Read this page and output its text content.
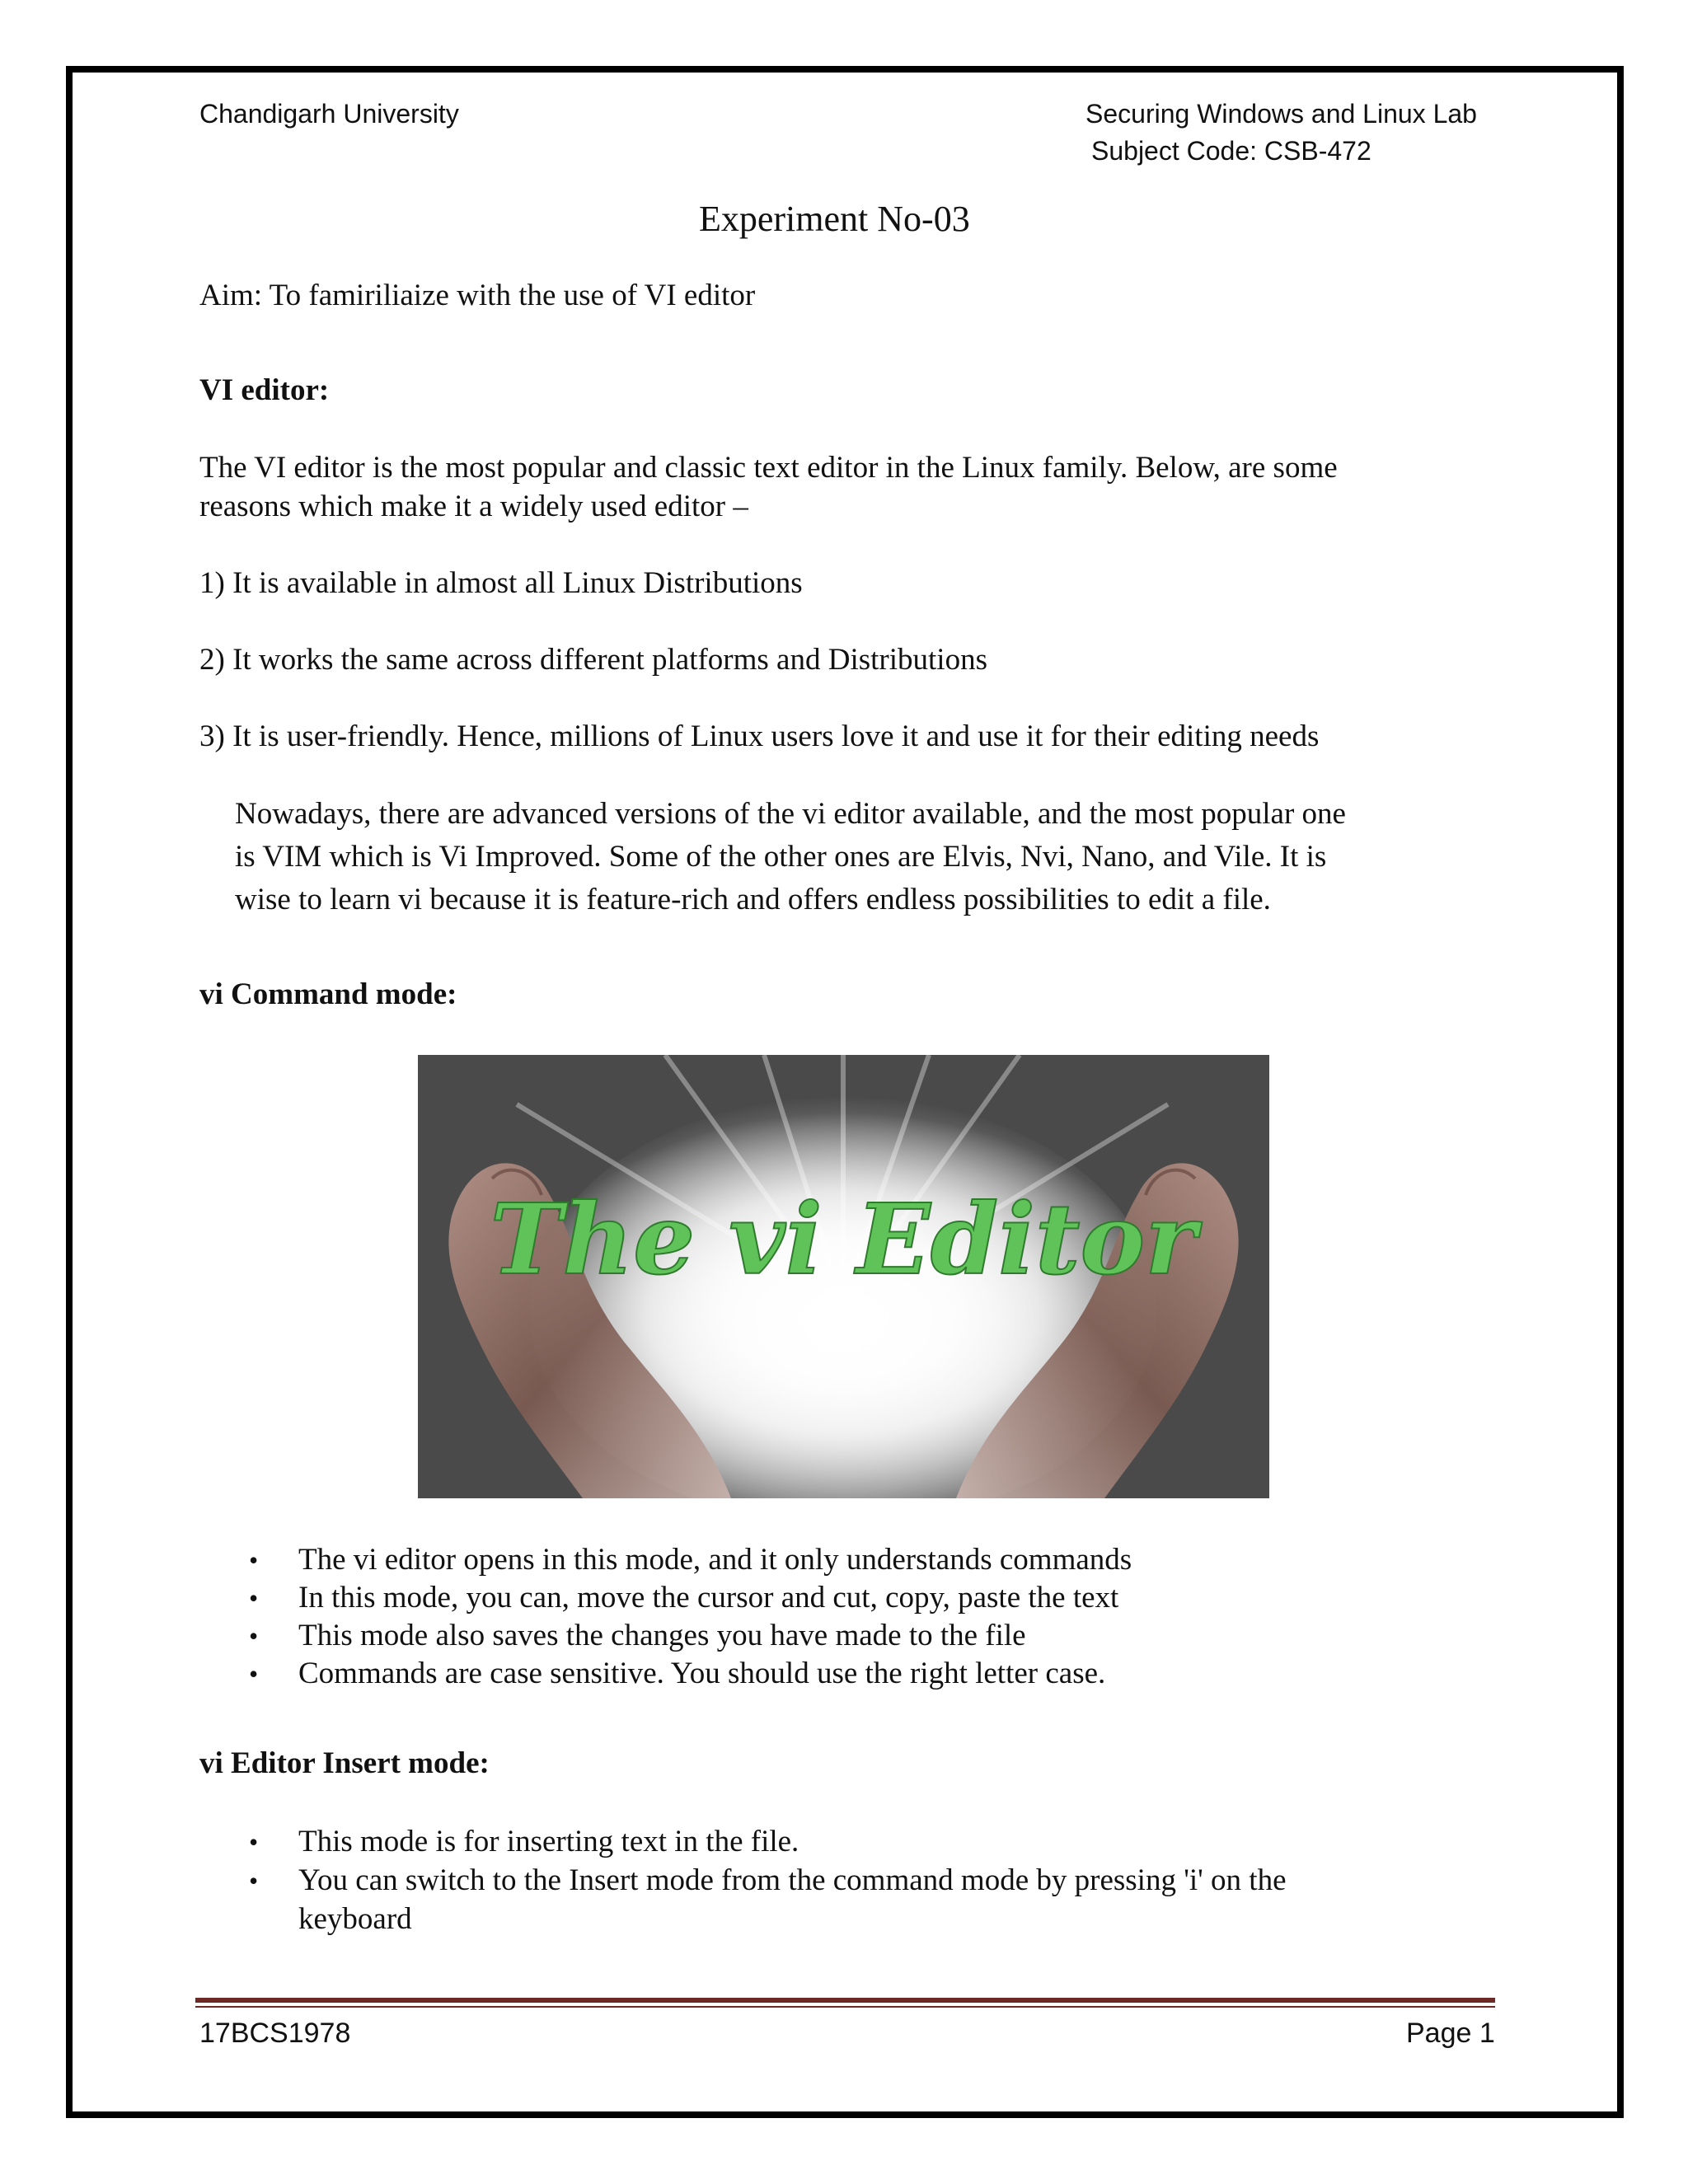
Chandigarh University	Securing Windows and Linux Lab

Subject Code: CSB-472

Experiment No-03

Aim: To famiriliaize with the use of VI editor

VI editor:

The VI editor is the most popular and classic text editor in the Linux family. Below, are some

reasons which make it a widely used editor –

1) It is available in almost all Linux Distributions

2) It works the same across different platforms and Distributions

3) It is user-friendly. Hence, millions of Linux users love it and use it for their editing needs

Nowadays, there are advanced versions of the vi editor available, and the most popular one

is VIM which is Vi Improved. Some of the other ones are Elvis, Nvi, Nano, and Vile. It is

wise to learn vi because it is feature-rich and offers endless possibilities to edit a file.

vi Command mode:

The vi Editor
• The vi editor opens in this mode, and it only understands commands
• In this mode, you can, move the cursor and cut, copy, paste the text
• This mode also saves the changes you have made to the file
• Commands are case sensitive. You should use the right letter case.

vi Editor Insert mode:

• This mode is for inserting text in the file.
• You can switch to the Insert mode from the command mode by pressing 'i' on the
keyboard

17BCS1978	Page 1
